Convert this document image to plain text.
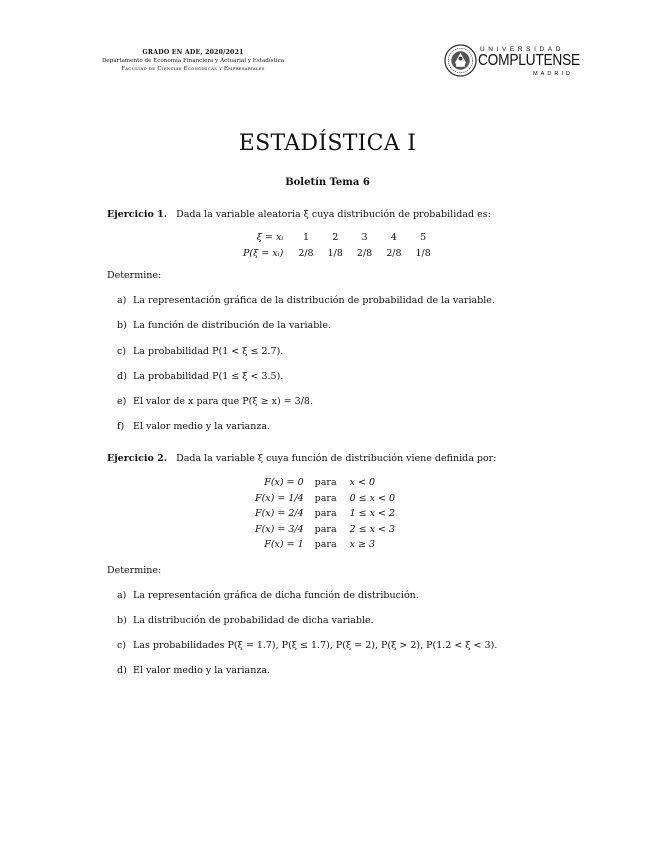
GRADO EN ADE, 2020/2021
Departamento de Economía Financiera y Actuarial y Estadística
Facultad de Ciencias Económicas y Empresariales
UNIVERSIDAD
COMPLUTENSE
MADRID
ESTADÍSTICA I
Boletín Tema 6
Ejercicio 1. Dada la variable aleatoria ξ cuya distribución de probabilidad es:
ξ = xᵢ	1	2	3	4	5
P(ξ = xᵢ)	2/8	1/8	2/8	2/8	1/8
Determine:
a) La representación gráfica de la distribución de probabilidad de la variable.
b) La función de distribución de la variable.
c) La probabilidad P(1 < ξ ≤ 2.7).
d) La probabilidad P(1 ≤ ξ < 3.5).
e) El valor de x para que P(ξ ≥ x) = 3/8.
f) El valor medio y la varianza.
Ejercicio 2. Dada la variable ξ cuya función de distribución viene definida por:
F(x) = 0	para	x < 0
F(x) = 1/4	para	0 ≤ x < 0
F(x) = 2/4	para	1 ≤ x < 2
F(x) = 3/4	para	2 ≤ x < 3
F(x) = 1	para	x ≥ 3
Determine:
a) La representación gráfica de dicha función de distribución.
b) La distribución de probabilidad de dicha variable.
c) Las probabilidades P(ξ = 1.7), P(ξ ≤ 1.7), P(ξ = 2), P(ξ > 2), P(1.2 < ξ < 3).
d) El valor medio y la varianza.
